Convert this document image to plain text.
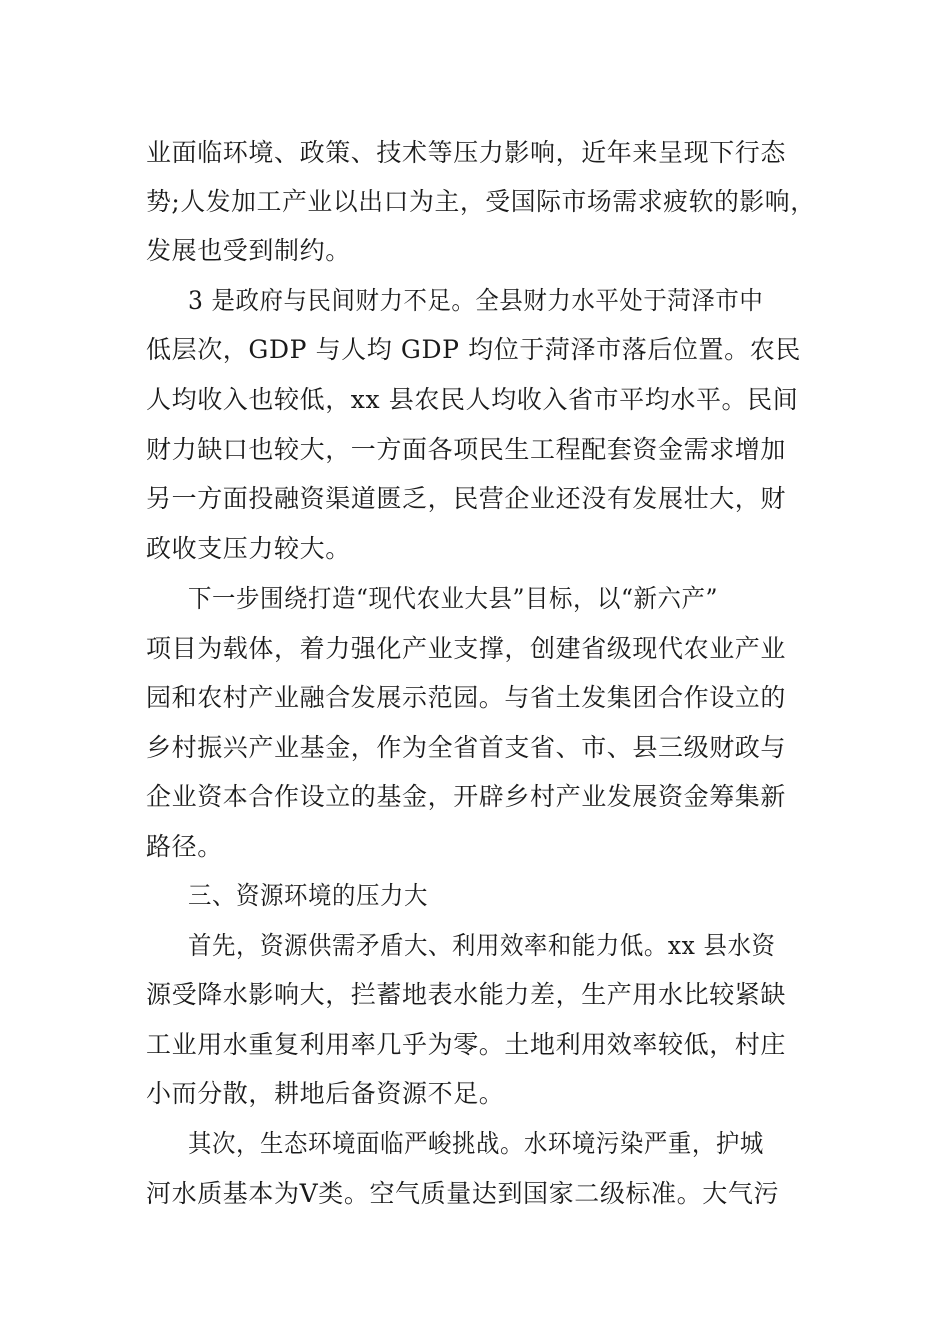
业面临环境、政策、技术等压力影响，近年来呈现下行态
势;人发加工产业以出口为主，受国际市场需求疲软的影响，
发展也受到制约。
3 是政府与民间财力不足。全县财力水平处于菏泽市中
低层次，GDP 与人均 GDP 均位于菏泽市落后位置。农民
人均收入也较低，xx 县农民人均收入省市平均水平。民间
财力缺口也较大，一方面各项民生工程配套资金需求增加
另一方面投融资渠道匮乏，民营企业还没有发展壮大，财
政收支压力较大。
下一步围绕打造“现代农业大县”目标，以“新六产”
项目为载体，着力强化产业支撑，创建省级现代农业产业
园和农村产业融合发展示范园。与省土发集团合作设立的
乡村振兴产业基金，作为全省首支省、市、县三级财政与
企业资本合作设立的基金，开辟乡村产业发展资金筹集新
路径。
三、资源环境的压力大
首先，资源供需矛盾大、利用效率和能力低。xx 县水资
源受降水影响大，拦蓄地表水能力差，生产用水比较紧缺
工业用水重复利用率几乎为零。土地利用效率较低，村庄
小而分散，耕地后备资源不足。
其次，生态环境面临严峻挑战。水环境污染严重，护城
河水质基本为Ⅴ类。空气质量达到国家二级标准。大气污
